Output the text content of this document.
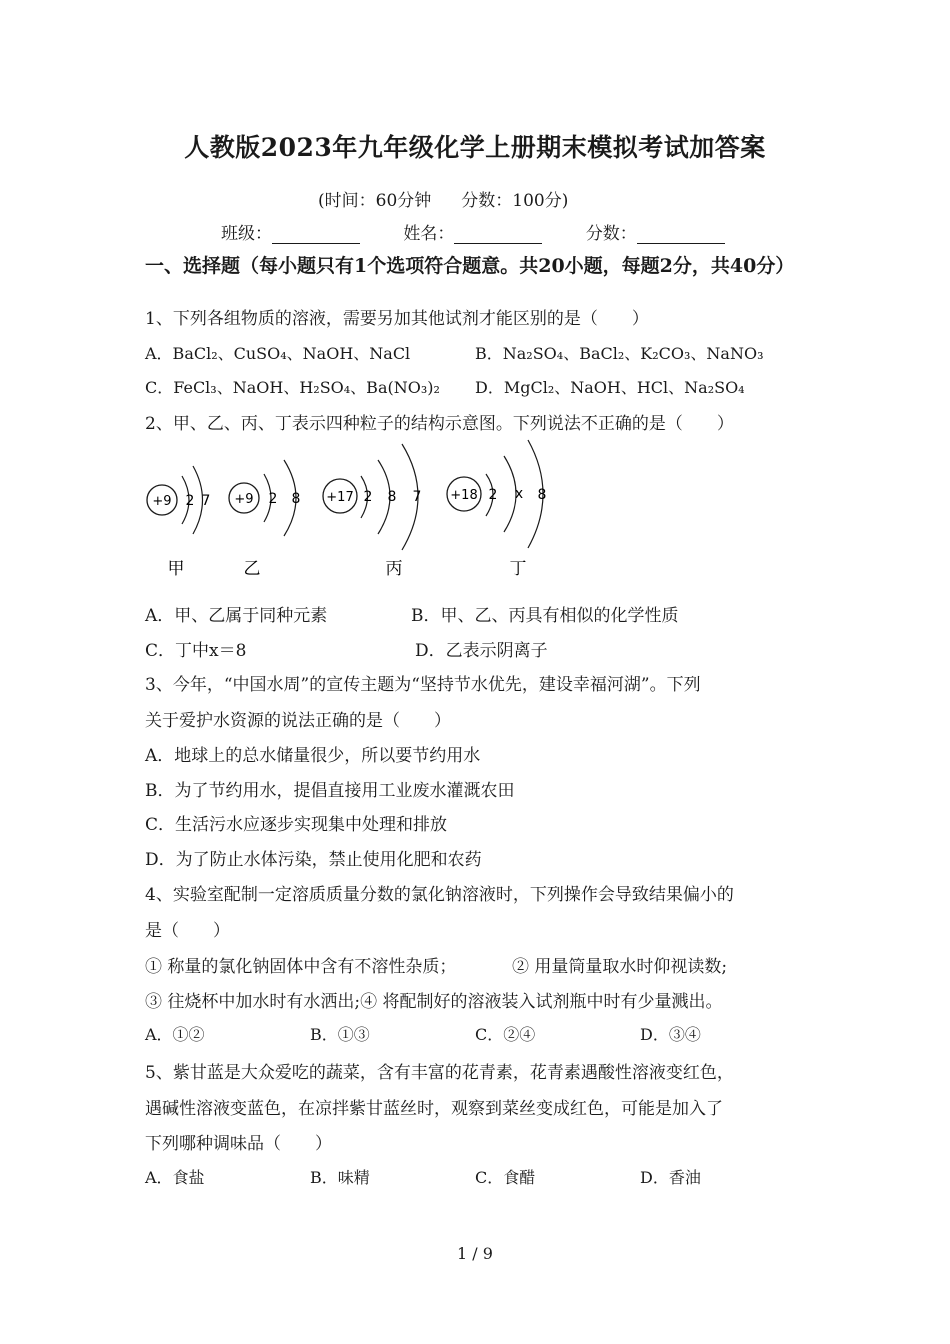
人教版2023年九年级化学上册期末模拟考试加答案
(时间：60分钟 分数：100分)
班级：	姓名：	分数：
一、选择题（每小题只有1个选项符合题意。共20小题，每题2分，共40分）
1、下列各组物质的溶液，需要另加其他试剂才能区别的是（　　）
A．BaCl₂、CuSO₄、NaOH、NaCl	B．Na₂SO₄、BaCl₂、K₂CO₃、NaNO₃
C．FeCl₃、NaOH、H₂SO₄、Ba(NO₃)₂ D．MgCl₂、NaOH、HCl、Na₂SO₄
2、甲、乙、丙、丁表示四种粒子的结构示意图。下列说法不正确的是（　　）
+9 2 7
甲
+9 2 8
乙
+17 2 8 7
丙
+18 2 x 8
丁
A．甲、乙属于同种元素	B．甲、乙、丙具有相似的化学性质
C．丁中x＝8	D．乙表示阴离子
3、今年，“中国水周”的宣传主题为“坚持节水优先，建设幸福河湖”。下列
关于爱护水资源的说法正确的是（　　）
A．地球上的总水储量很少，所以要节约用水
B．为了节约用水，提倡直接用工业废水灌溉农田
C．生活污水应逐步实现集中处理和排放
D．为了防止水体污染，禁止使用化肥和农药
4、实验室配制一定溶质质量分数的氯化钠溶液时，下列操作会导致结果偏小的
是（　　）
① 称量的氯化钠固体中含有不溶性杂质；	② 用量筒量取水时仰视读数;
③ 往烧杯中加水时有水洒出;④ 将配制好的溶液装入试剂瓶中时有少量溅出。
A．①②	B．①③	C．②④	D．③④
5、紫甘蓝是大众爱吃的蔬菜，含有丰富的花青素，花青素遇酸性溶液变红色，
遇碱性溶液变蓝色，在凉拌紫甘蓝丝时，观察到菜丝变成红色，可能是加入了
下列哪种调味品（　　）
A．食盐	B．味精	C．食醋	D．香油
1 / 9
